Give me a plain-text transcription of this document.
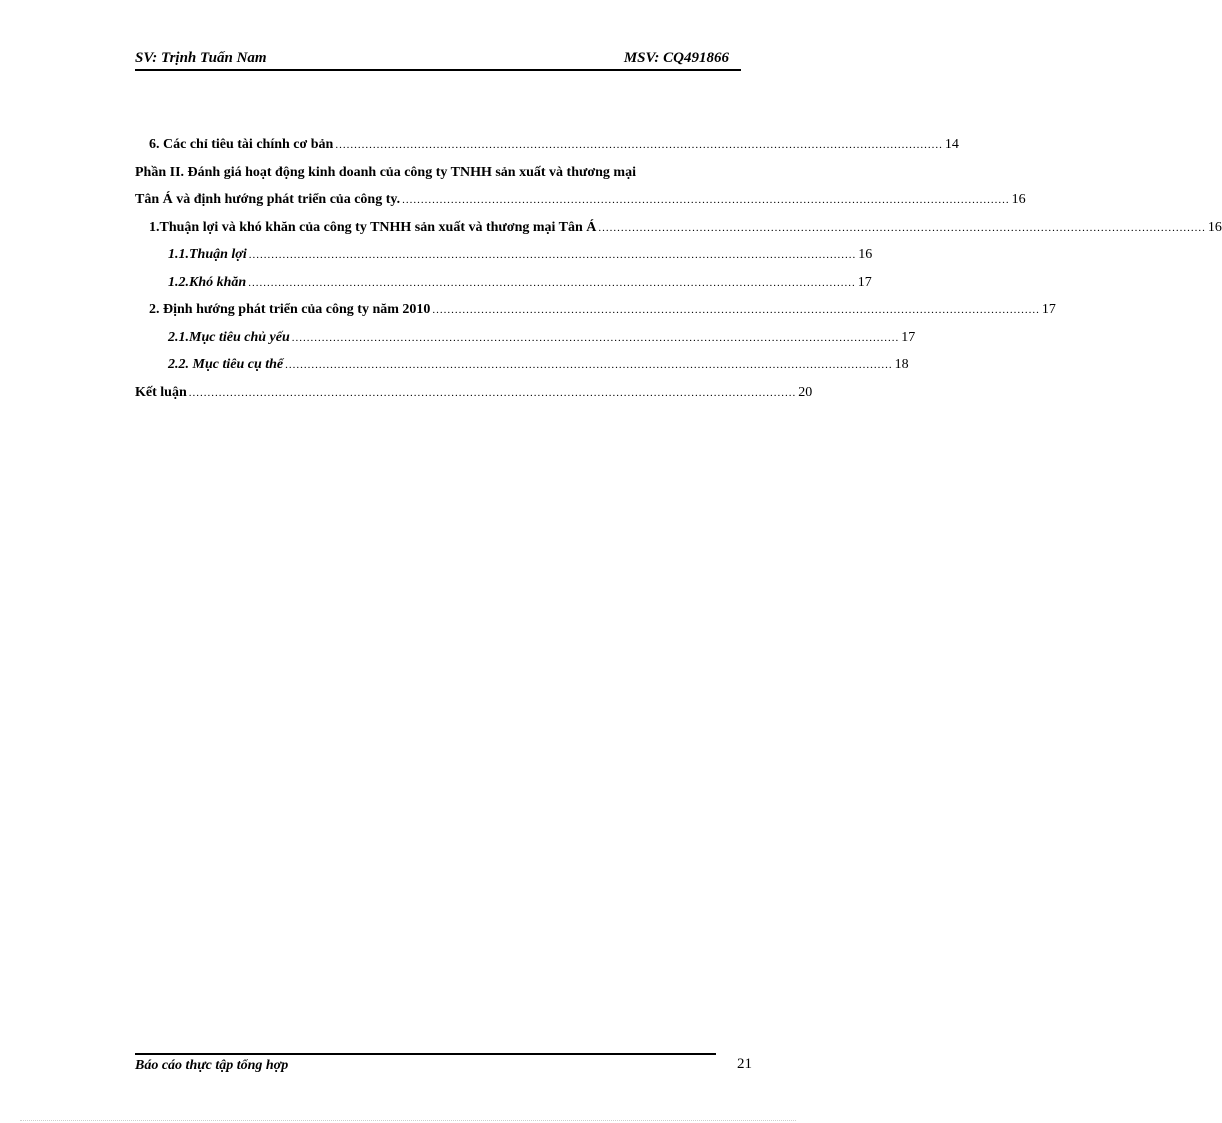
SV: Trịnh Tuấn Nam	MSV: CQ491866
6. Các chỉ tiêu tài chính cơ bản .................................................................................................................................................................. 14
Phần II. Đánh giá hoạt động kinh doanh của công ty TNHH sản xuất và thương mại
Tân Á và định hướng phát triển của công ty. .................................................................................................................................................................. 16
1.Thuận lợi và khó khăn của công ty TNHH sản xuất và thương mại Tân Á .................................................................................................................................................................. 16
1.1.Thuận lợi .................................................................................................................................................................. 16
1.2.Khó khăn .................................................................................................................................................................. 17
2. Định hướng phát triển của công ty năm 2010 .................................................................................................................................................................. 17
2.1.Mục tiêu chủ yếu .................................................................................................................................................................. 17
2.2. Mục tiêu cụ thể .................................................................................................................................................................. 18
Kết luận .................................................................................................................................................................. 20
Báo cáo thực tập tổng hợp	21
